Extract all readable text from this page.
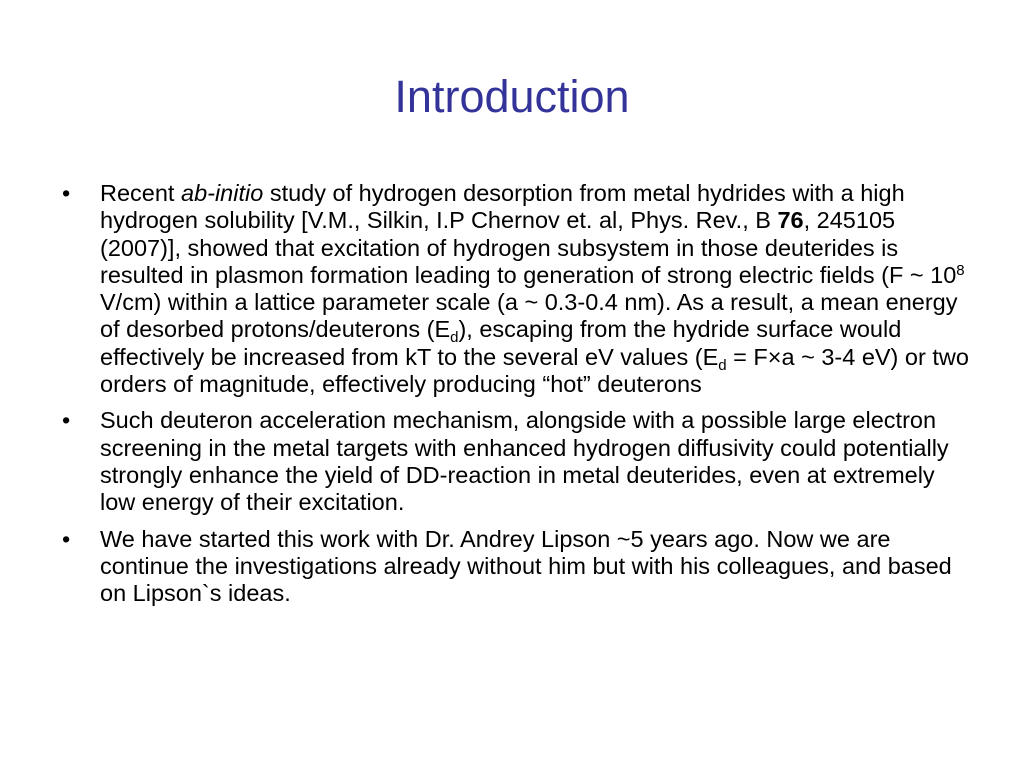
Introduction
• Recent ab-initio study of hydrogen desorption from metal hydrides with a high hydrogen solubility [V.M., Silkin, I.P Chernov et. al, Phys. Rev., B 76, 245105 (2007)], showed that excitation of hydrogen subsystem in those deuterides is resulted in plasmon formation leading to generation of strong electric fields (F ~ $10^8$ V/cm) within a lattice parameter scale (a ~ 0.3-0.4 nm). As a result, a mean energy of desorbed protons/deuterons $(E_d)$, escaping from the hydride surface would effectively be increased from kT to the several eV values ($E_d = F\times a$ ~ 3-4 eV) or two orders of magnitude, effectively producing “hot” deuterons
• Such deuteron acceleration mechanism, alongside with a possible large electron screening in the metal targets with enhanced hydrogen diffusivity could potentially strongly enhance the yield of DD-reaction in metal deuterides, even at extremely low energy of their excitation.
• We have started this work with Dr. Andrey Lipson ~5 years ago. Now we are continue the investigations already without him but with his colleagues, and based on Lipson`s ideas.
